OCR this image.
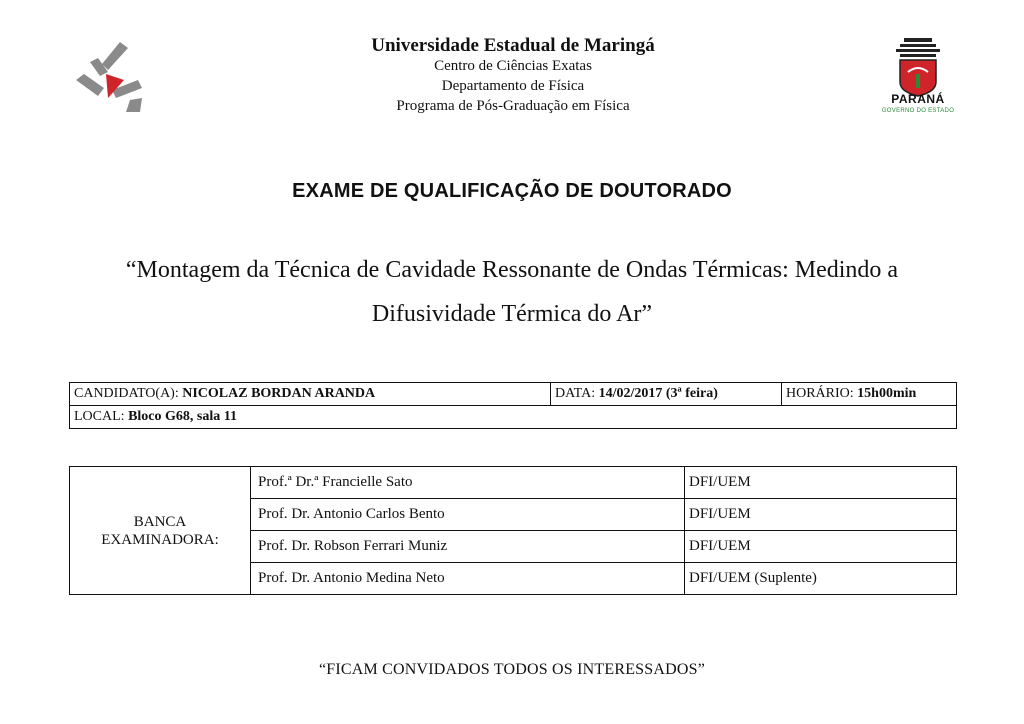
Universidade Estadual de Maringá
Centro de Ciências Exatas
Departamento de Física
Programa de Pós-Graduação em Física	PARANÁ
GOVERNO DO ESTADO
EXAME DE QUALIFICAÇÃO DE DOUTORADO
“Montagem da Técnica de Cavidade Ressonante de Ondas Térmicas: Medindo a
Difusividade Térmica do Ar”
CANDIDATO(A): NICOLAZ BORDAN ARANDA	DATA: 14/02/2017 (3ª feira)	HORÁRIO: 15h00min
LOCAL: Bloco G68, sala 11
BANCA
EXAMINADORA:	Prof.ª Dr.ª Francielle Sato	DFI/UEM
	Prof. Dr. Antonio Carlos Bento	DFI/UEM
	Prof. Dr. Robson Ferrari Muniz	DFI/UEM
	Prof. Dr. Antonio Medina Neto	DFI/UEM (Suplente)
“FICAM CONVIDADOS TODOS OS INTERESSADOS”
